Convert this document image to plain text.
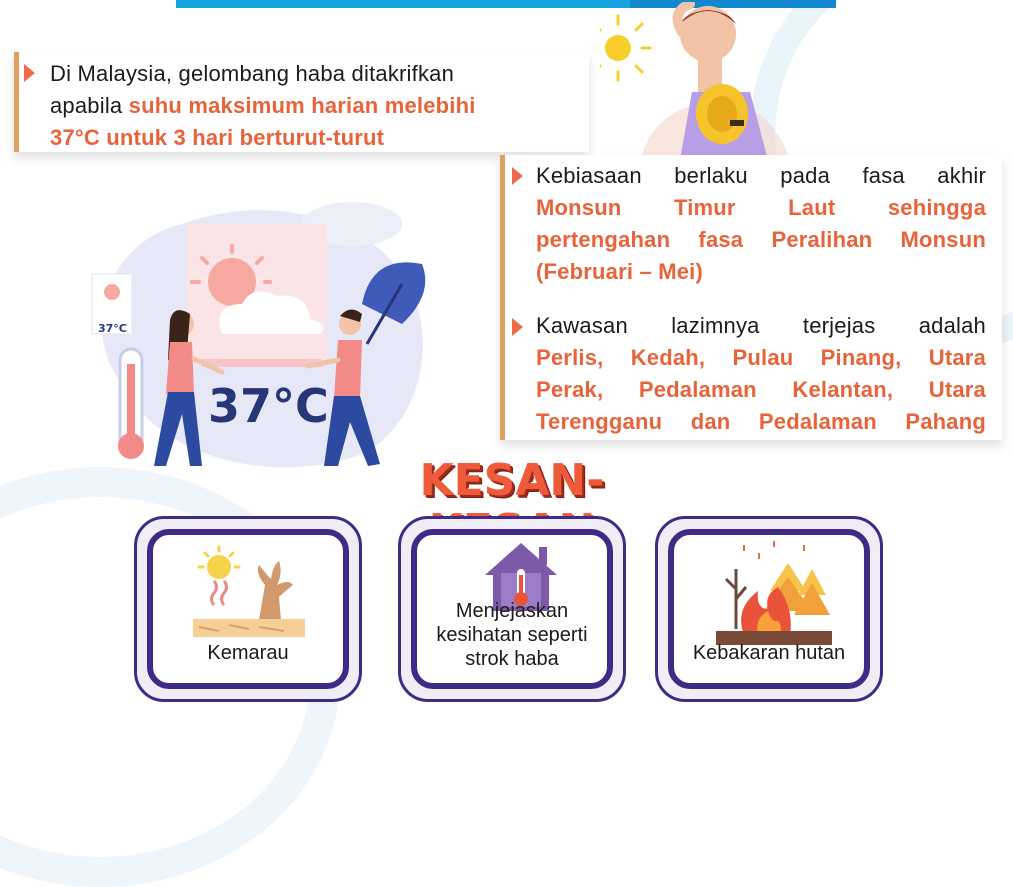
Di Malaysia, gelombang haba ditakrifkan
apabila suhu maksimum harian melebihi
37°C untuk 3 hari berturut-turut
Kebiasaan berlaku pada fasa akhir
Monsun Timur Laut sehingga
pertengahan fasa Peralihan Monsun
(Februari – Mei)
Kawasan lazimnya terjejas adalah
Perlis, Kedah, Pulau Pinang, Utara
Perak, Pedalaman Kelantan, Utara
Terengganu dan Pedalaman Pahang
37°C
37°C
KESAN-
Kemarau
Menjejaskan
kesihatan seperti
strok haba	Kebakaran hutan
